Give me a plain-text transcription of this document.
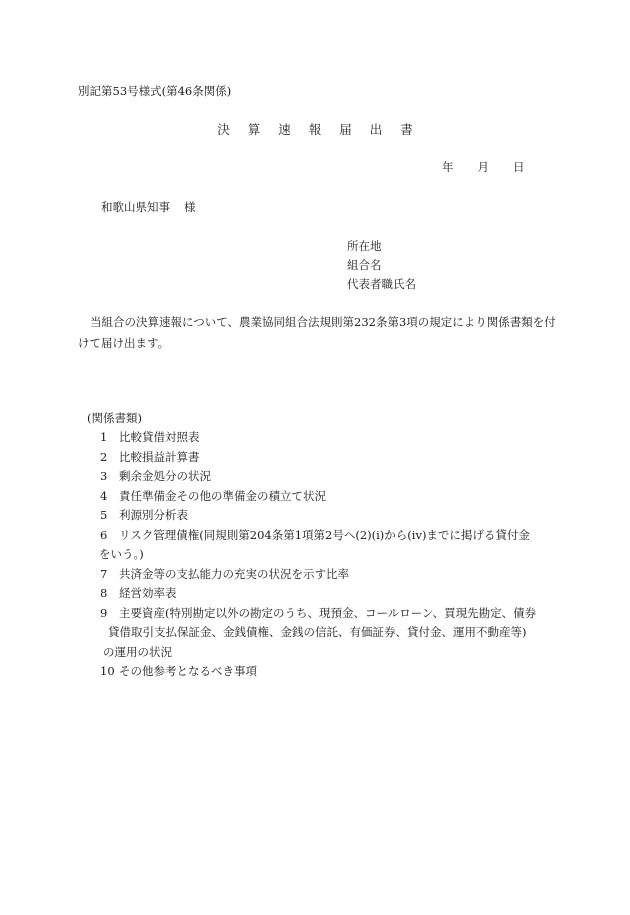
別記第53号様式(第46条関係)
決 算 速 報 届 出 書
年 月 日
和歌山県知事 様
所在地
組合名
代表者職氏名
当組合の決算速報について、農業協同組合法規則第232条第3項の規定により関係書類を付けて届け出ます。
(関係書類)
1	比較貸借対照表
2	比較損益計算書
3	剰余金処分の状況
4	責任準備金その他の準備金の積立て状況
5	利源別分析表
6	リスク管理債権(同規則第204条第1項第2号ヘ(2)(i)から(iv)までに掲げる貸付金
をいう。)
7	共済金等の支払能力の充実の状況を示す比率
8	経営効率表
9	主要資産(特別勘定以外の勘定のうち、現預金、コールローン、買現先勘定、債券
貸借取引支払保証金、金銭債権、金銭の信託、有価証券、貸付金、運用不動産等)
の運用の状況
10 その他参考となるべき事項
